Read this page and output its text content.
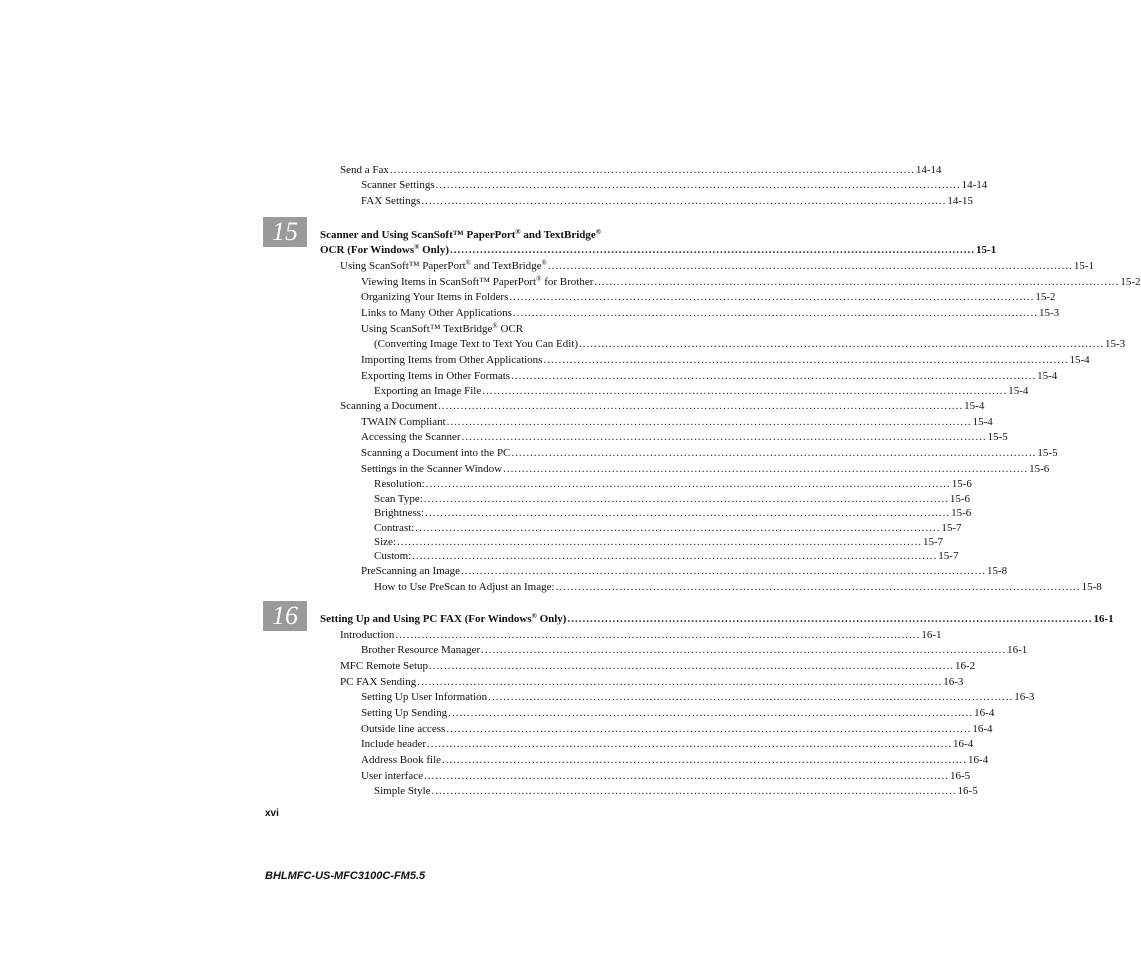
Send a Fax ............................................................................................................................................ 14-14
Scanner Settings ............................................................................................................................................ 14-14
FAX Settings ............................................................................................................................................ 14-15
15 Scanner and Using ScanSoft™ PaperPort® and TextBridge®
OCR (For Windows® Only) ............................................................................................................................................ 15-1
Using ScanSoft™ PaperPort® and TextBridge® ............................................................................................................................................ 15-1
Viewing Items in ScanSoft™ PaperPort® for Brother ............................................................................................................................................ 15-2
Organizing Your Items in Folders ............................................................................................................................................ 15-2
Links to Many Other Applications ............................................................................................................................................ 15-3
Using ScanSoft™ TextBridge® OCR
(Converting Image Text to Text You Can Edit) ............................................................................................................................................ 15-3
Importing Items from Other Applications ............................................................................................................................................ 15-4
Exporting Items in Other Formats ............................................................................................................................................ 15-4
Exporting an Image File ............................................................................................................................................ 15-4
Scanning a Document ............................................................................................................................................ 15-4
TWAIN Compliant ............................................................................................................................................ 15-4
Accessing the Scanner ............................................................................................................................................ 15-5
Scanning a Document into the PC ............................................................................................................................................ 15-5
Settings in the Scanner Window ............................................................................................................................................ 15-6
Resolution: ............................................................................................................................................ 15-6
Scan Type: ............................................................................................................................................ 15-6
Brightness: ............................................................................................................................................ 15-6
Contrast: ............................................................................................................................................ 15-7
Size: ............................................................................................................................................ 15-7
Custom: ............................................................................................................................................ 15-7
PreScanning an Image ............................................................................................................................................ 15-8
How to Use PreScan to Adjust an Image: ............................................................................................................................................ 15-8
16 Setting Up and Using PC FAX (For Windows® Only) ............................................................................................................................................ 16-1
Introduction ............................................................................................................................................ 16-1
Brother Resource Manager ............................................................................................................................................ 16-1
MFC Remote Setup ............................................................................................................................................ 16-2
PC FAX Sending ............................................................................................................................................ 16-3
Setting Up User Information ............................................................................................................................................ 16-3
Setting Up Sending ............................................................................................................................................ 16-4
Outside line access ............................................................................................................................................ 16-4
Include header ............................................................................................................................................ 16-4
Address Book file ............................................................................................................................................ 16-4
User interface ............................................................................................................................................ 16-5
Simple Style ............................................................................................................................................ 16-5
xvi
BHLMFC-US-MFC3100C-FM5.5
